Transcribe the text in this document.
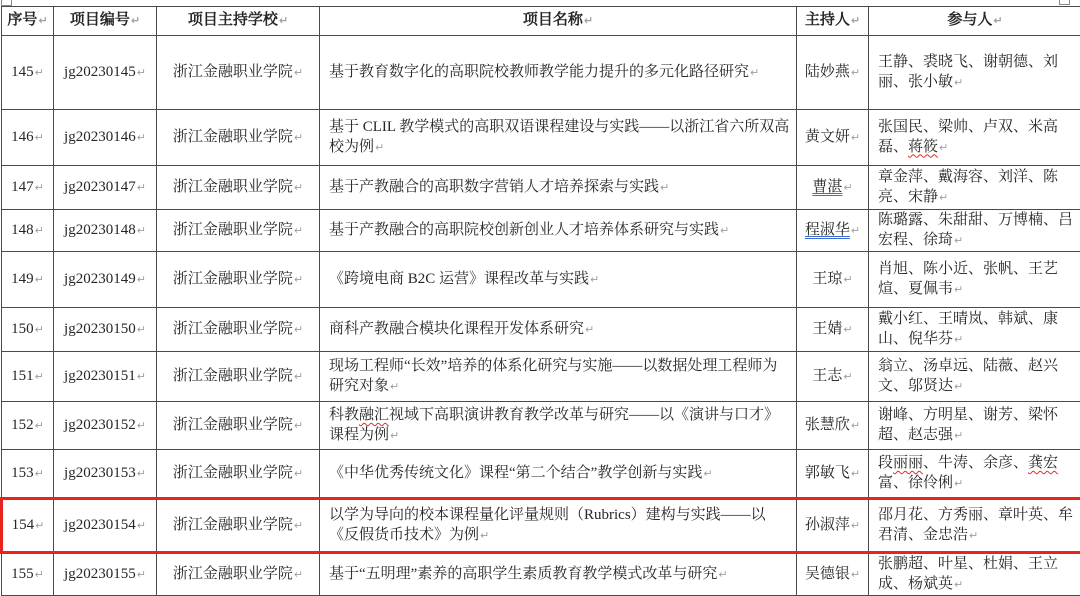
序号↵	项目编号↵	项目主持学校↵	项目名称↵	主持人↵	参与人↵
145↵	jg20230145↵	浙江金融职业学院↵	基于教育数字化的高职院校教师教学能力提升的多元化路径研究↵	陆妙燕↵	王静、裘晓飞、谢朝德、刘丽、张小敏↵
146↵	jg20230146↵	浙江金融职业学院↵	基于 CLIL 教学模式的高职双语课程建设与实践——以浙江省六所双高校为例↵	黄文妍↵	张国民、梁帅、卢双、米高磊、蒋筱↵
147↵	jg20230147↵	浙江金融职业学院↵	基于产教融合的高职数字营销人才培养探索与实践↵	曹湛↵	章金萍、戴海容、刘洋、陈亮、宋静↵
148↵	jg20230148↵	浙江金融职业学院↵	基于产教融合的高职院校创新创业人才培养体系研究与实践↵	程淑华↵	陈璐露、朱甜甜、万博楠、吕宏程、徐琦↵
149↵	jg20230149↵	浙江金融职业学院↵	《跨境电商 B2C 运营》课程改革与实践↵	王琼↵	肖旭、陈小近、张帆、王艺煊、夏佩韦↵
150↵	jg20230150↵	浙江金融职业学院↵	商科产教融合模块化课程开发体系研究↵	王婧↵	戴小红、王晴岚、韩斌、康山、倪华芬↵
151↵	jg20230151↵	浙江金融职业学院↵	现场工程师“长效”培养的体系化研究与实施——以数据处理工程师为研究对象↵	王志↵	翁立、汤卓远、陆薇、赵兴文、邬贤达↵
152↵	jg20230152↵	浙江金融职业学院↵	科教融汇视域下高职演讲教育教学改革与研究——以《演讲与口才》课程为例↵	张慧欣↵	谢峰、方明星、谢芳、梁怀超、赵志强↵
153↵	jg20230153↵	浙江金融职业学院↵	《中华优秀传统文化》课程“第二个结合”教学创新与实践↵	郭敏飞↵	段丽丽、牛涛、余彦、龚宏富、徐伶俐↵
154↵	jg20230154↵	浙江金融职业学院↵	以学为导向的校本课程量化评量规则（Rubrics）建构与实践——以《反假货币技术》为例↵	孙淑萍↵	邵月花、方秀丽、章叶英、牟君清、金忠浩↵
155↵	jg20230155↵	浙江金融职业学院↵	基于“五明理”素养的高职学生素质教育教学模式改革与研究↵	吴德银↵	张鹏超、叶星、杜娟、王立成、杨斌英↵
